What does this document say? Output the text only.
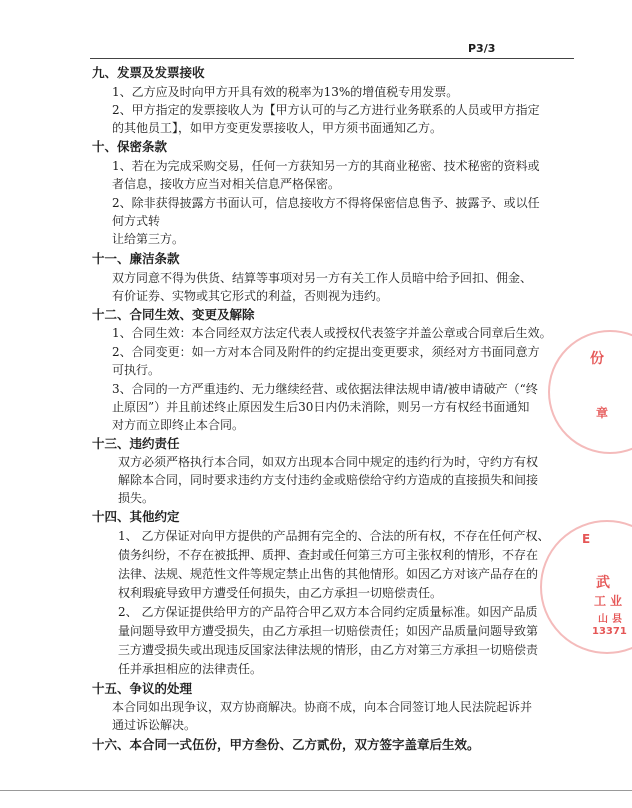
P3/3
九、发票及发票接收
1、乙方应及时向甲方开具有效的税率为13%的增值税专用发票。
2、甲方指定的发票接收人为【甲方认可的与乙方进行业务联系的人员或甲方指定
的其他员工】，如甲方变更发票接收人，甲方须书面通知乙方。
十、保密条款
1、若在为完成采购交易，任何一方获知另一方的其商业秘密、技术秘密的资料或
者信息，接收方应当对相关信息严格保密。
2、除非获得披露方书面认可，信息接收方不得将保密信息售予、披露予、或以任
何方式转
让给第三方。
十一、廉洁条款
双方同意不得为供货、结算等事项对另一方有关工作人员暗中给予回扣、佣金、
有价证券、实物或其它形式的利益，否则视为违约。
十二、合同生效、变更及解除
1、合同生效：本合同经双方法定代表人或授权代表签字并盖公章或合同章后生效。
2、合同变更：如一方对本合同及附件的约定提出变更要求，须经对方书面同意方
可执行。
3、合同的一方严重违约、无力继续经营、或依据法律法规申请/被申请破产（“终
止原因”）并且前述终止原因发生后30日内仍未消除，则另一方有权经书面通知
对方而立即终止本合同。
十三、违约责任
双方必须严格执行本合同，如双方出现本合同中规定的违约行为时，守约方有权
解除本合同，同时要求违约方支付违约金或赔偿给守约方造成的直接损失和间接
损失。
十四、其他约定
1、 乙方保证对向甲方提供的产品拥有完全的、合法的所有权，不存在任何产权、
债务纠纷，不存在被抵押、质押、查封或任何第三方可主张权利的情形，不存在
法律、法规、规范性文件等规定禁止出售的其他情形。如因乙方对该产品存在的
权利瑕疵导致甲方遭受任何损失，由乙方承担一切赔偿责任。
2、 乙方保证提供给甲方的产品符合甲乙双方本合同约定质量标准。如因产品质
量问题导致甲方遭受损失，由乙方承担一切赔偿责任；如因产品质量问题导致第
三方遭受损失或出现违反国家法律法规的情形，由乙方对第三方承担一切赔偿责
任并承担相应的法律责任。
十五、争议的处理
本合同如出现争议，双方协商解决。协商不成，向本合同签订地人民法院起诉并
通过诉讼解决。
十六、本合同一式伍份，甲方叁份、乙方贰份，双方签字盖章后生效。
份
章
E
武
工 业
山 县
13371
